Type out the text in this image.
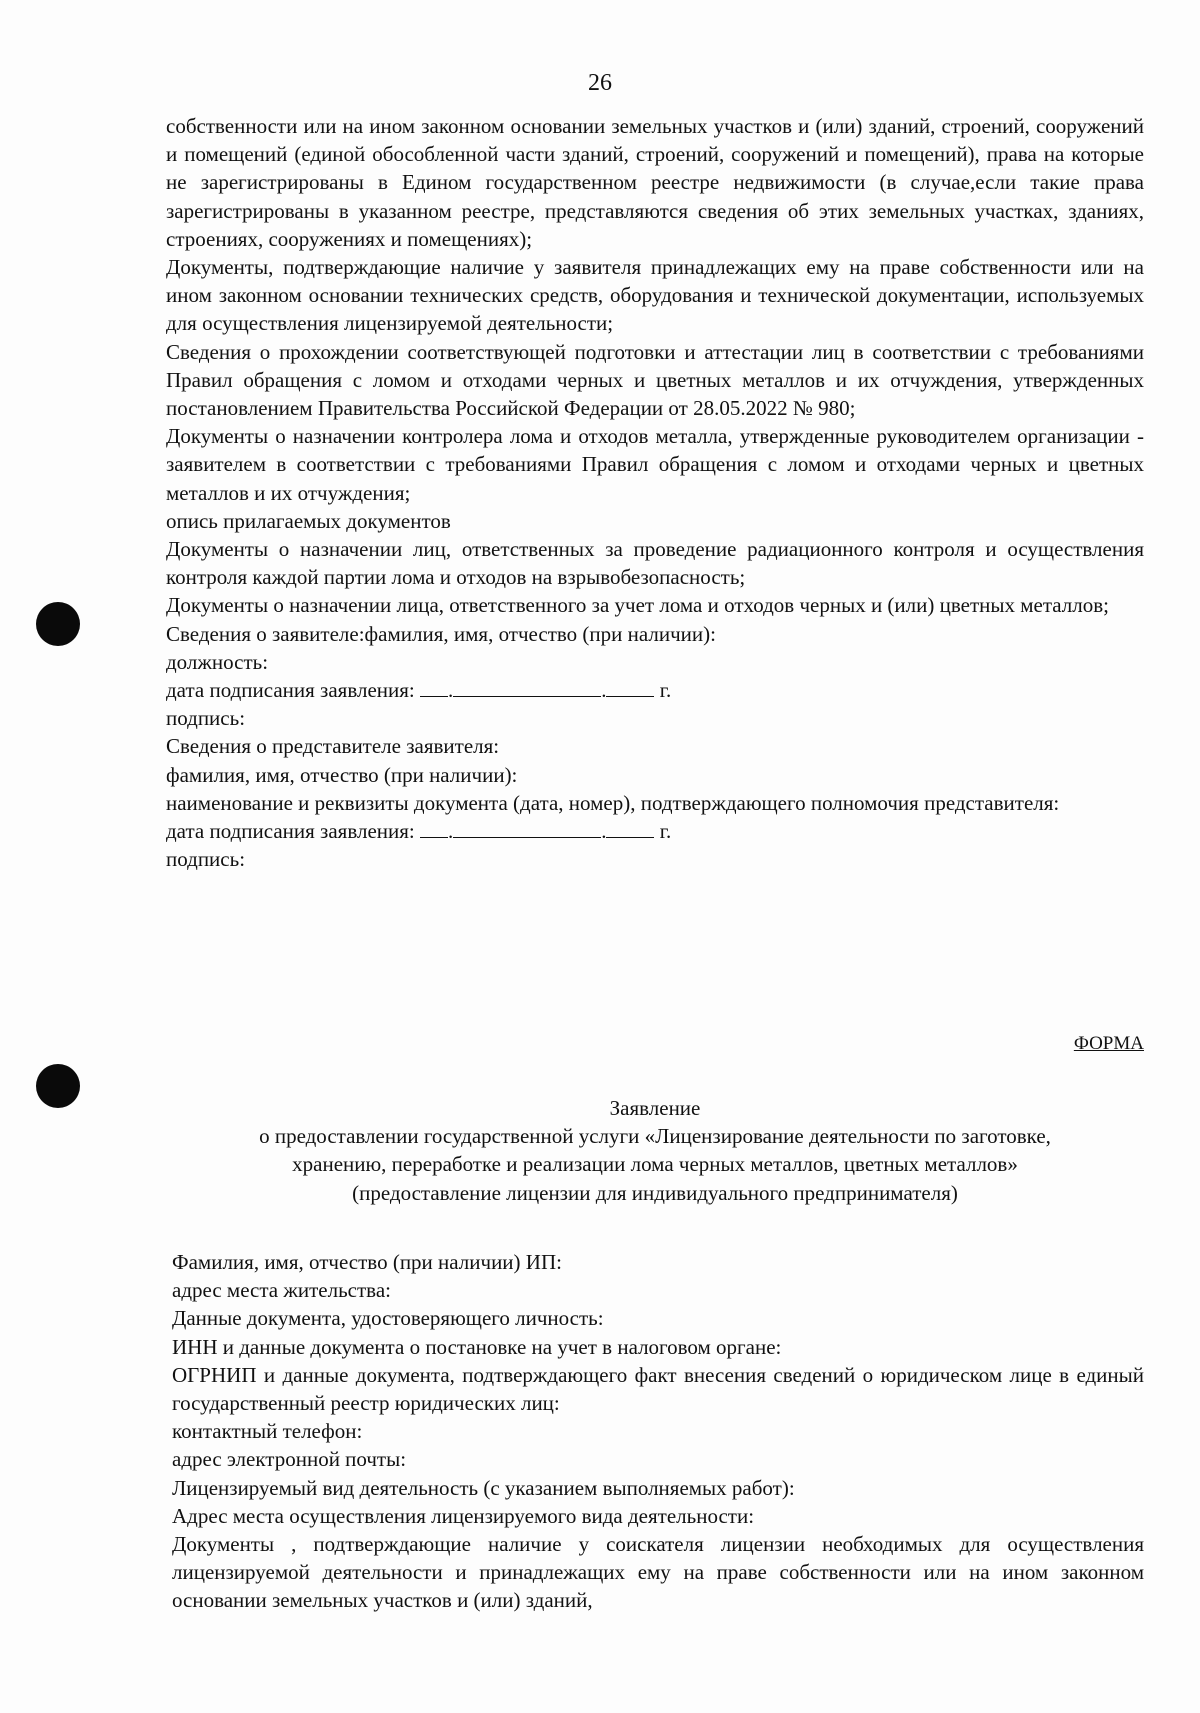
26

собственности или на ином законном основании земельных участков и (или) зданий, строений, сооружений и помещений (единой обособленной части зданий, строений, сооружений и помещений), права на которые не зарегистрированы в Едином государственном реестре недвижимости (в случае,если такие права зарегистрированы в указанном реестре, представляются сведения об этих земельных участках, зданиях, строениях, сооружениях и помещениях);

Документы, подтверждающие наличие у заявителя принадлежащих ему на праве собственности или на ином законном основании технических средств, оборудования и технической документации, используемых для осуществления лицензируемой деятельности;

Сведения о прохождении соответствующей подготовки и аттестации лиц в соответствии с требованиями Правил обращения с ломом и отходами черных и цветных металлов и их отчуждения, утвержденных постановлением Правительства Российской Федерации от 28.05.2022 № 980;

Документы о назначении контролера лома и отходов металла, утвержденные руководителем организации - заявителем в соответствии с требованиями Правил обращения с ломом и отходами черных и цветных металлов и их отчуждения;

опись прилагаемых документов

Документы о назначении лиц, ответственных за проведение радиационного контроля и осуществления контроля каждой партии лома и отходов на взрывобезопасность;

Документы о назначении лица, ответственного за учет лома и отходов черных и (или) цветных металлов;

Сведения о заявителе:фамилия, имя, отчество (при наличии):

должность:

дата подписания заявления: .	.	г.

подпись:

Сведения о представителе заявителя:

фамилия, имя, отчество (при наличии):

наименование и реквизиты документа (дата, номер), подтверждающего полномочия представителя:

дата подписания заявления: .	.	г.

подпись:

ФОРМА

Заявление

о предоставлении государственной услуги «Лицензирование деятельности по заготовке,

хранению, переработке и реализации лома черных металлов, цветных металлов»

(предоставление лицензии для индивидуального предпринимателя)

Фамилия, имя, отчество (при наличии) ИП:

адрес места жительства:

Данные документа, удостоверяющего личность:

ИНН и данные документа о постановке на учет в налоговом органе:

ОГРНИП и данные документа, подтверждающего факт внесения сведений о юридическом лице в единый государственный реестр юридических лиц:

контактный телефон:

адрес электронной почты:

Лицензируемый вид деятельность (с указанием выполняемых работ):

Адрес места осуществления лицензируемого вида деятельности:

Документы , подтверждающие наличие у соискателя лицензии необходимых для осуществления лицензируемой деятельности и принадлежащих ему на праве собственности или на ином законном основании земельных участков и (или) зданий,
